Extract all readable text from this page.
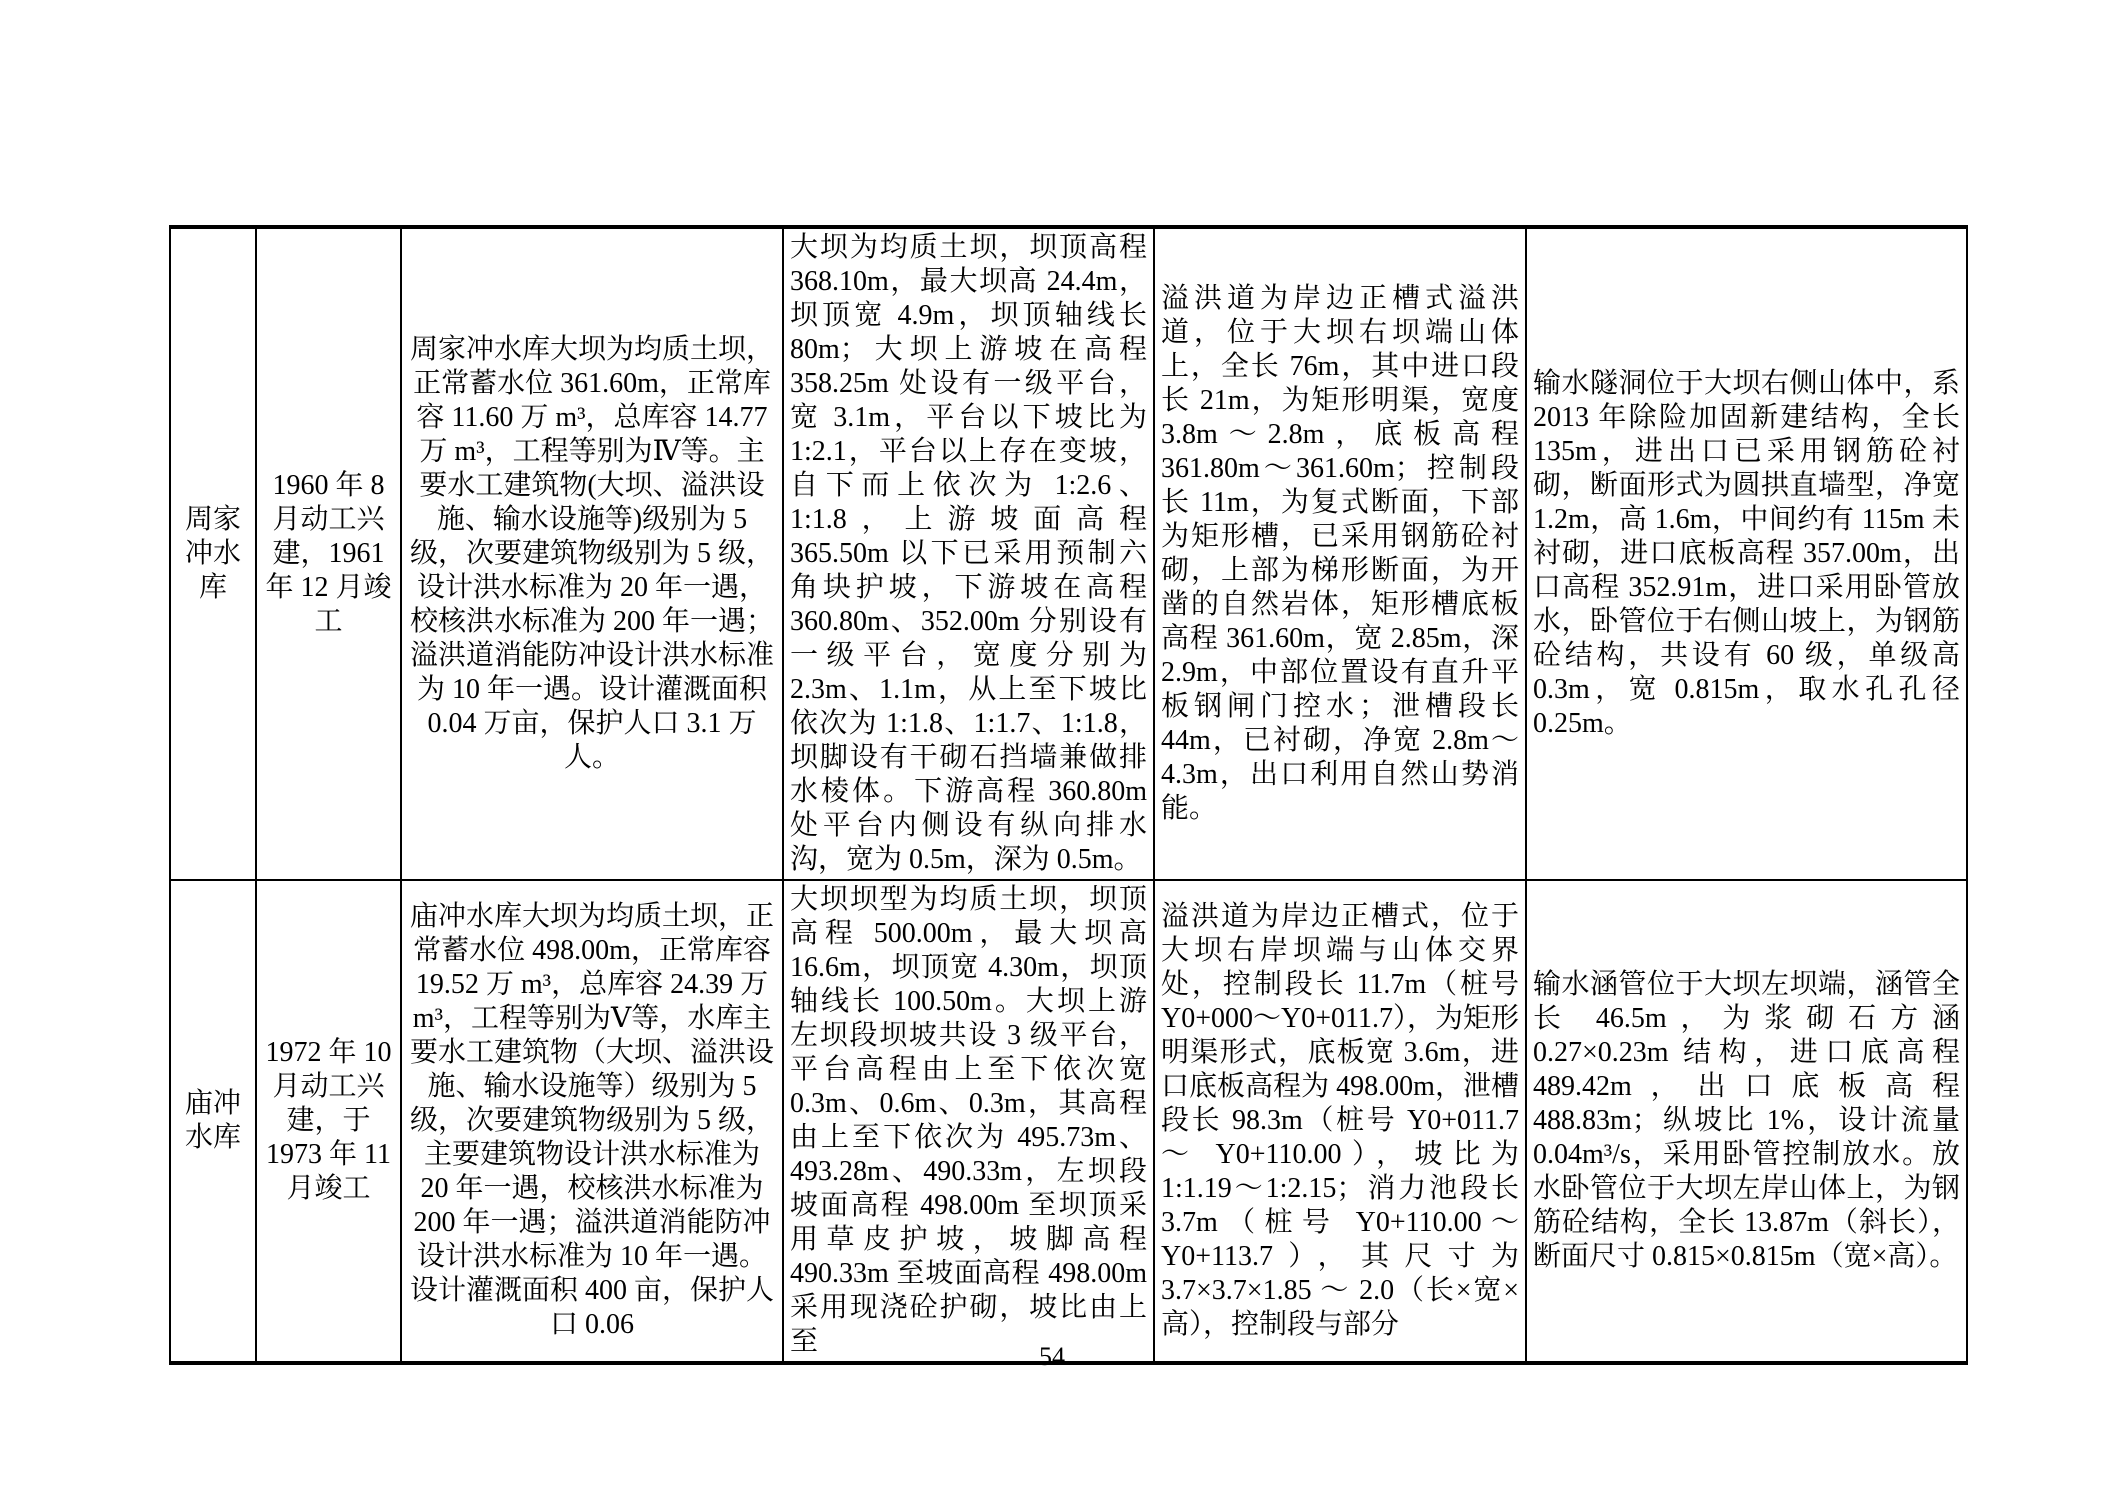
周家冲水库	1960 年 8 月动工兴建，1961 年 12 月竣工	周家冲水库大坝为均质土坝，正常蓄水位 361.60m，正常库容 11.60 万 m³，总库容 14.77 万 m³，工程等别为Ⅳ等。主要水工建筑物(大坝、溢洪设施、输水设施等)级别为 5 级，次要建筑物级别为 5 级，设计洪水标准为 20 年一遇，校核洪水标准为 200 年一遇；溢洪道消能防冲设计洪水标准为 10 年一遇。设计灌溉面积 0.04 万亩，保护人口 3.1 万人。	大坝为均质土坝，坝顶高程 368.10m，最大坝高 24.4m，坝顶宽 4.9m，坝顶轴线长 80m；大坝上游坡在高程 358.25m 处设有一级平台，宽 3.1m，平台以下坡比为 1:2.1，平台以上存在变坡，自下而上依次为 1:2.6、1:1.8，上游坡面高程 365.50m 以下已采用预制六角块护坡，下游坡在高程 360.80m、352.00m 分别设有一级平台，宽度分别为 2.3m、1.1m，从上至下坡比依次为 1:1.8、1:1.7、1:1.8，坝脚设有干砌石挡墙兼做排水棱体。下游高程 360.80m 处平台内侧设有纵向排水沟，宽为 0.5m，深为 0.5m。	溢洪道为岸边正槽式溢洪道，位于大坝右坝端山体上，全长 76m，其中进口段长 21m，为矩形明渠，宽度 3.8m～2.8m，底板高程 361.80m～361.60m；控制段长 11m，为复式断面，下部为矩形槽，已采用钢筋砼衬砌，上部为梯形断面，为开凿的自然岩体，矩形槽底板高程 361.60m，宽 2.85m，深 2.9m，中部位置设有直升平板钢闸门控水；泄槽段长 44m，已衬砌，净宽 2.8m～4.3m，出口利用自然山势消能。	输水隧洞位于大坝右侧山体中，系 2013 年除险加固新建结构，全长 135m，进出口已采用钢筋砼衬砌，断面形式为圆拱直墙型，净宽 1.2m，高 1.6m，中间约有 115m 未衬砌，进口底板高程 357.00m，出口高程 352.91m，进口采用卧管放水，卧管位于右侧山坡上，为钢筋砼结构，共设有 60 级，单级高 0.3m，宽 0.815m，取水孔孔径 0.25m。
庙冲水库	1972 年 10 月动工兴建，于 1973 年 11 月竣工	庙冲水库大坝为均质土坝，正常蓄水位 498.00m，正常库容 19.52 万 m³，总库容 24.39 万 m³，工程等别为Ⅴ等，水库主要水工建筑物（大坝、溢洪设施、输水设施等）级别为 5 级，次要建筑物级别为 5 级，主要建筑物设计洪水标准为 20 年一遇，校核洪水标准为 200 年一遇；溢洪道消能防冲设计洪水标准为 10 年一遇。设计灌溉面积 400 亩，保护人口 0.06	大坝坝型为均质土坝，坝顶高程 500.00m，最大坝高 16.6m，坝顶宽 4.30m，坝顶轴线长 100.50m。大坝上游左坝段坝坡共设 3 级平台，平台高程由上至下依次宽 0.3m、0.6m、0.3m，其高程由上至下依次为 495.73m、493.28m、490.33m，左坝段坡面高程 498.00m 至坝顶采用草皮护坡，坡脚高程 490.33m 至坡面高程 498.00m 采用现浇砼护砌，坡比由上至	溢洪道为岸边正槽式，位于大坝右岸坝端与山体交界处，控制段长 11.7m（桩号 Y0+000～Y0+011.7），为矩形明渠形式，底板宽 3.6m，进口底板高程为 498.00m，泄槽段长 98.3m（桩号 Y0+011.7 ～ Y0+110.00），坡比为 1:1.19～1:2.15；消力池段长 3.7m（桩号 Y0+110.00～Y0+113.7），其尺寸为 3.7×3.7×1.85 ～ 2.0（长×宽×高），控制段与部分	输水涵管位于大坝左坝端，涵管全长 46.5m，为浆砌石方涵 0.27×0.23m 结构，进口底高程 489.42m，出口底板高程 488.83m；纵坡比 1%，设计流量 0.04m³/s，采用卧管控制放水。放水卧管位于大坝左岸山体上，为钢筋砼结构，全长 13.87m（斜长），断面尺寸 0.815×0.815m（宽×高）。
54
